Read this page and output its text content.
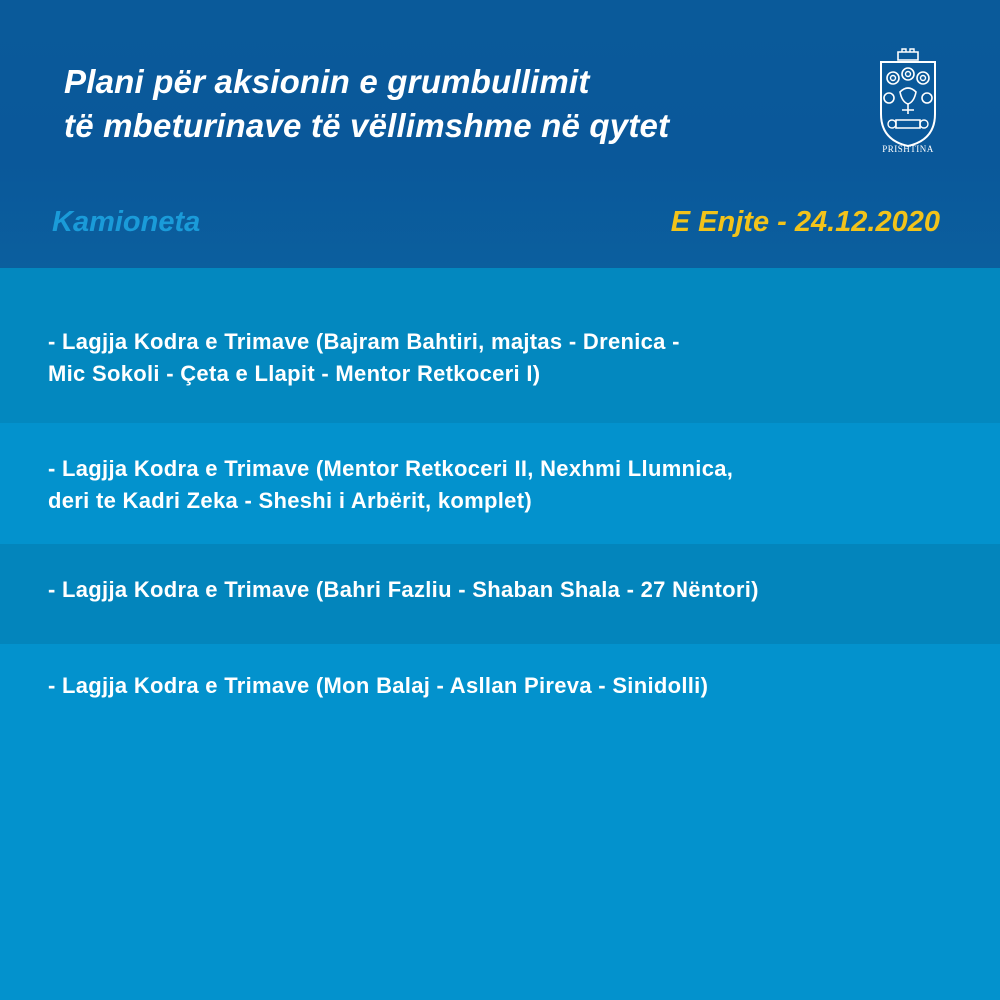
Plani për aksionin e grumbullimit
të mbeturinave të vëllimshme në qytet
PRISHTINA
Kamioneta	E Enjte - 24.12.2020
- Lagjja Kodra e Trimave (Bajram Bahtiri, majtas - Drenica -
Mic Sokoli - Çeta e Llapit - Mentor Retkoceri I)
- Lagjja Kodra e Trimave (Mentor Retkoceri II, Nexhmi Llumnica,
deri te Kadri Zeka - Sheshi i Arbërit, komplet)
- Lagjja Kodra e Trimave (Bahri Fazliu - Shaban Shala - 27 Nëntori)
- Lagjja Kodra e Trimave (Mon Balaj - Asllan Pireva - Sinidolli)
